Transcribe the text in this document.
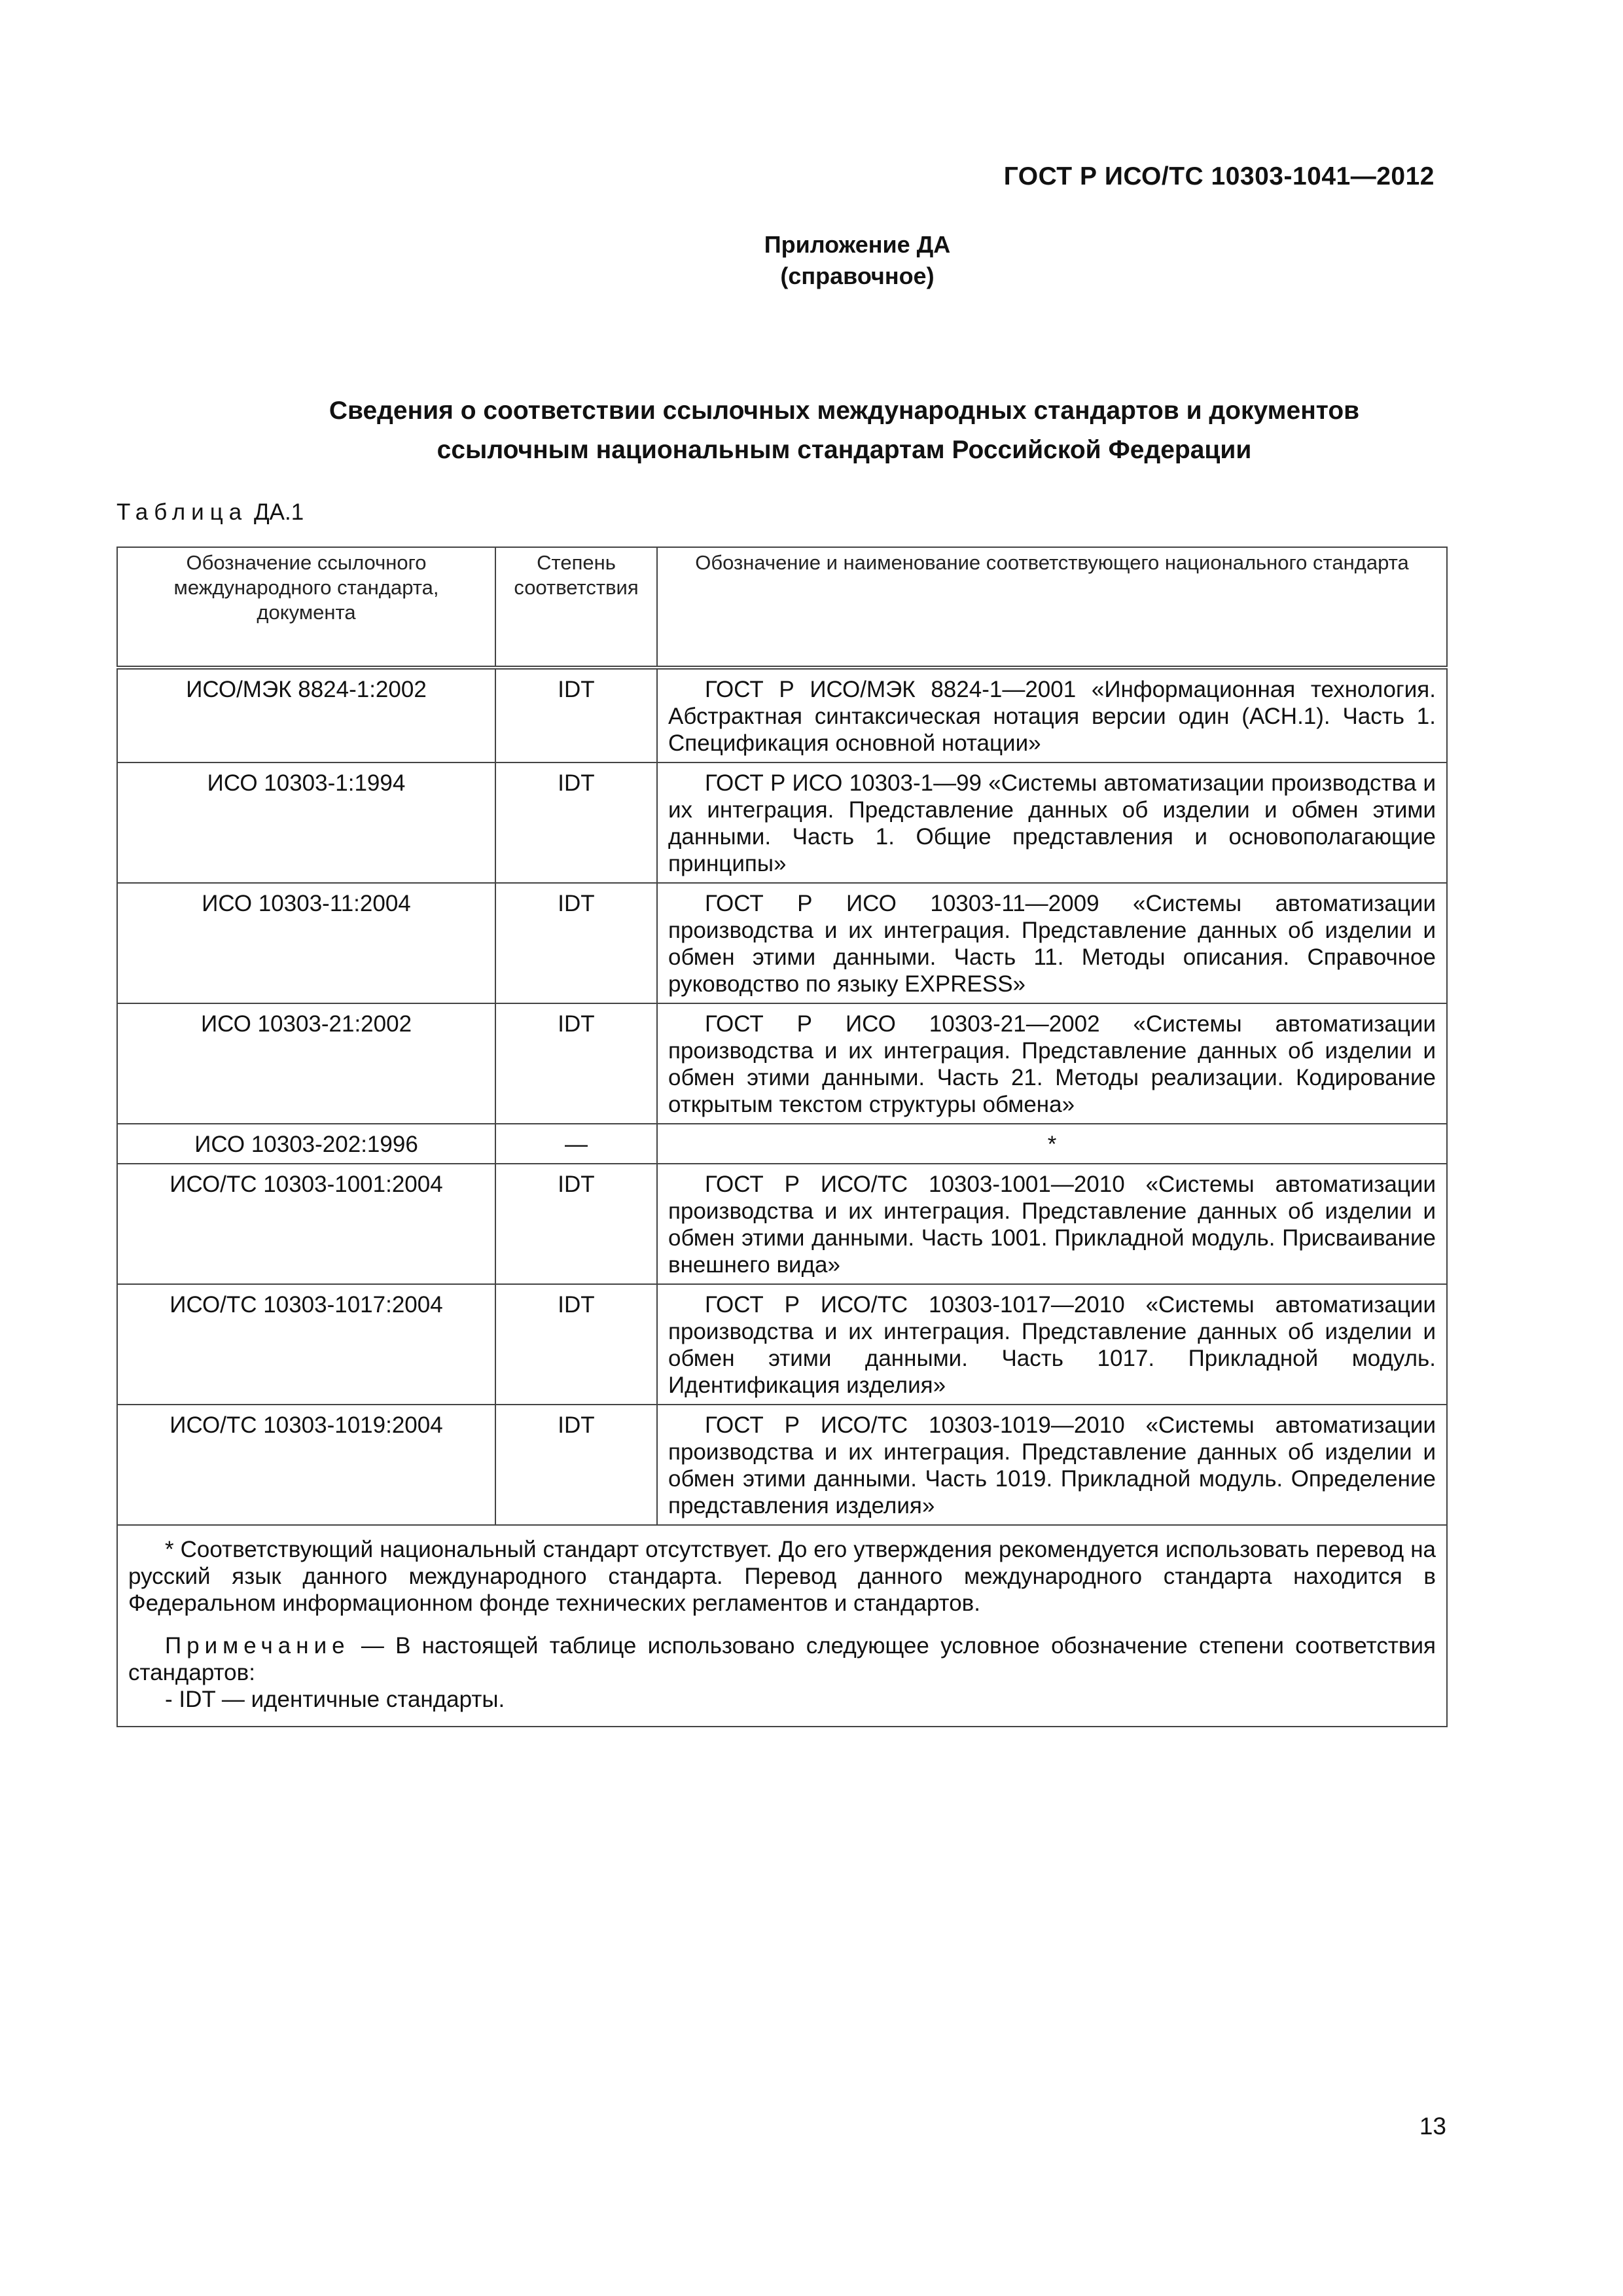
ГОСТ Р ИСО/ТС 10303-1041—2012
Приложение ДА
(справочное)
Сведения о соответствии ссылочных международных стандартов и документов
ссылочным национальным стандартам Российской Федерации
Таблица ДА.1
Обозначение ссылочного международного стандарта, документа	Степень соответствия	Обозначение и наименование соответствующего национального стандарта
ИСО/МЭК 8824-1:2002	IDT	ГОСТ Р ИСО/МЭК 8824-1—2001 «Информационная технология. Абстрактная синтаксическая нотация версии один (АСН.1). Часть 1. Спецификация основной нотации»
ИСО 10303-1:1994	IDT	ГОСТ Р ИСО 10303-1—99 «Системы автоматизации производства и их интеграция. Представление данных об изделии и обмен этими данными. Часть 1. Общие представления и основополагающие принципы»
ИСО 10303-11:2004	IDT	ГОСТ Р ИСО 10303-11—2009 «Системы автоматизации производства и их интеграция. Представление данных об изделии и обмен этими данными. Часть 11. Методы описания. Справочное руководство по языку EXPRESS»
ИСО 10303-21:2002	IDT	ГОСТ Р ИСО 10303-21—2002 «Системы автоматизации производства и их интеграция. Представление данных об изделии и обмен этими данными. Часть 21. Методы реализации. Кодирование открытым текстом структуры обмена»
ИСО 10303-202:1996	—	*
ИСО/ТС 10303-1001:2004	IDT	ГОСТ Р ИСО/ТС 10303-1001—2010 «Системы автоматизации производства и их интеграция. Представление данных об изделии и обмен этими данными. Часть 1001. Прикладной модуль. Присваивание внешнего вида»
ИСО/ТС 10303-1017:2004	IDT	ГОСТ Р ИСО/ТС 10303-1017—2010 «Системы автоматизации производства и их интеграция. Представление данных об изделии и обмен этими данными. Часть 1017. Прикладной модуль. Идентификация изделия»
ИСО/ТС 10303-1019:2004	IDT	ГОСТ Р ИСО/ТС 10303-1019—2010 «Системы автоматизации производства и их интеграция. Представление данных об изделии и обмен этими данными. Часть 1019. Прикладной модуль. Определение представления изделия»

* Соответствующий национальный стандарт отсутствует. До его утверждения рекомендуется использовать перевод на русский язык данного международного стандарта. Перевод данного международного стандарта находится в Федеральном информационном фонде технических регламентов и стандартов.
Примечание — В настоящей таблице использовано следующее условное обозначение степени соответствия стандартов:
- IDT — идентичные стандарты.		
13
